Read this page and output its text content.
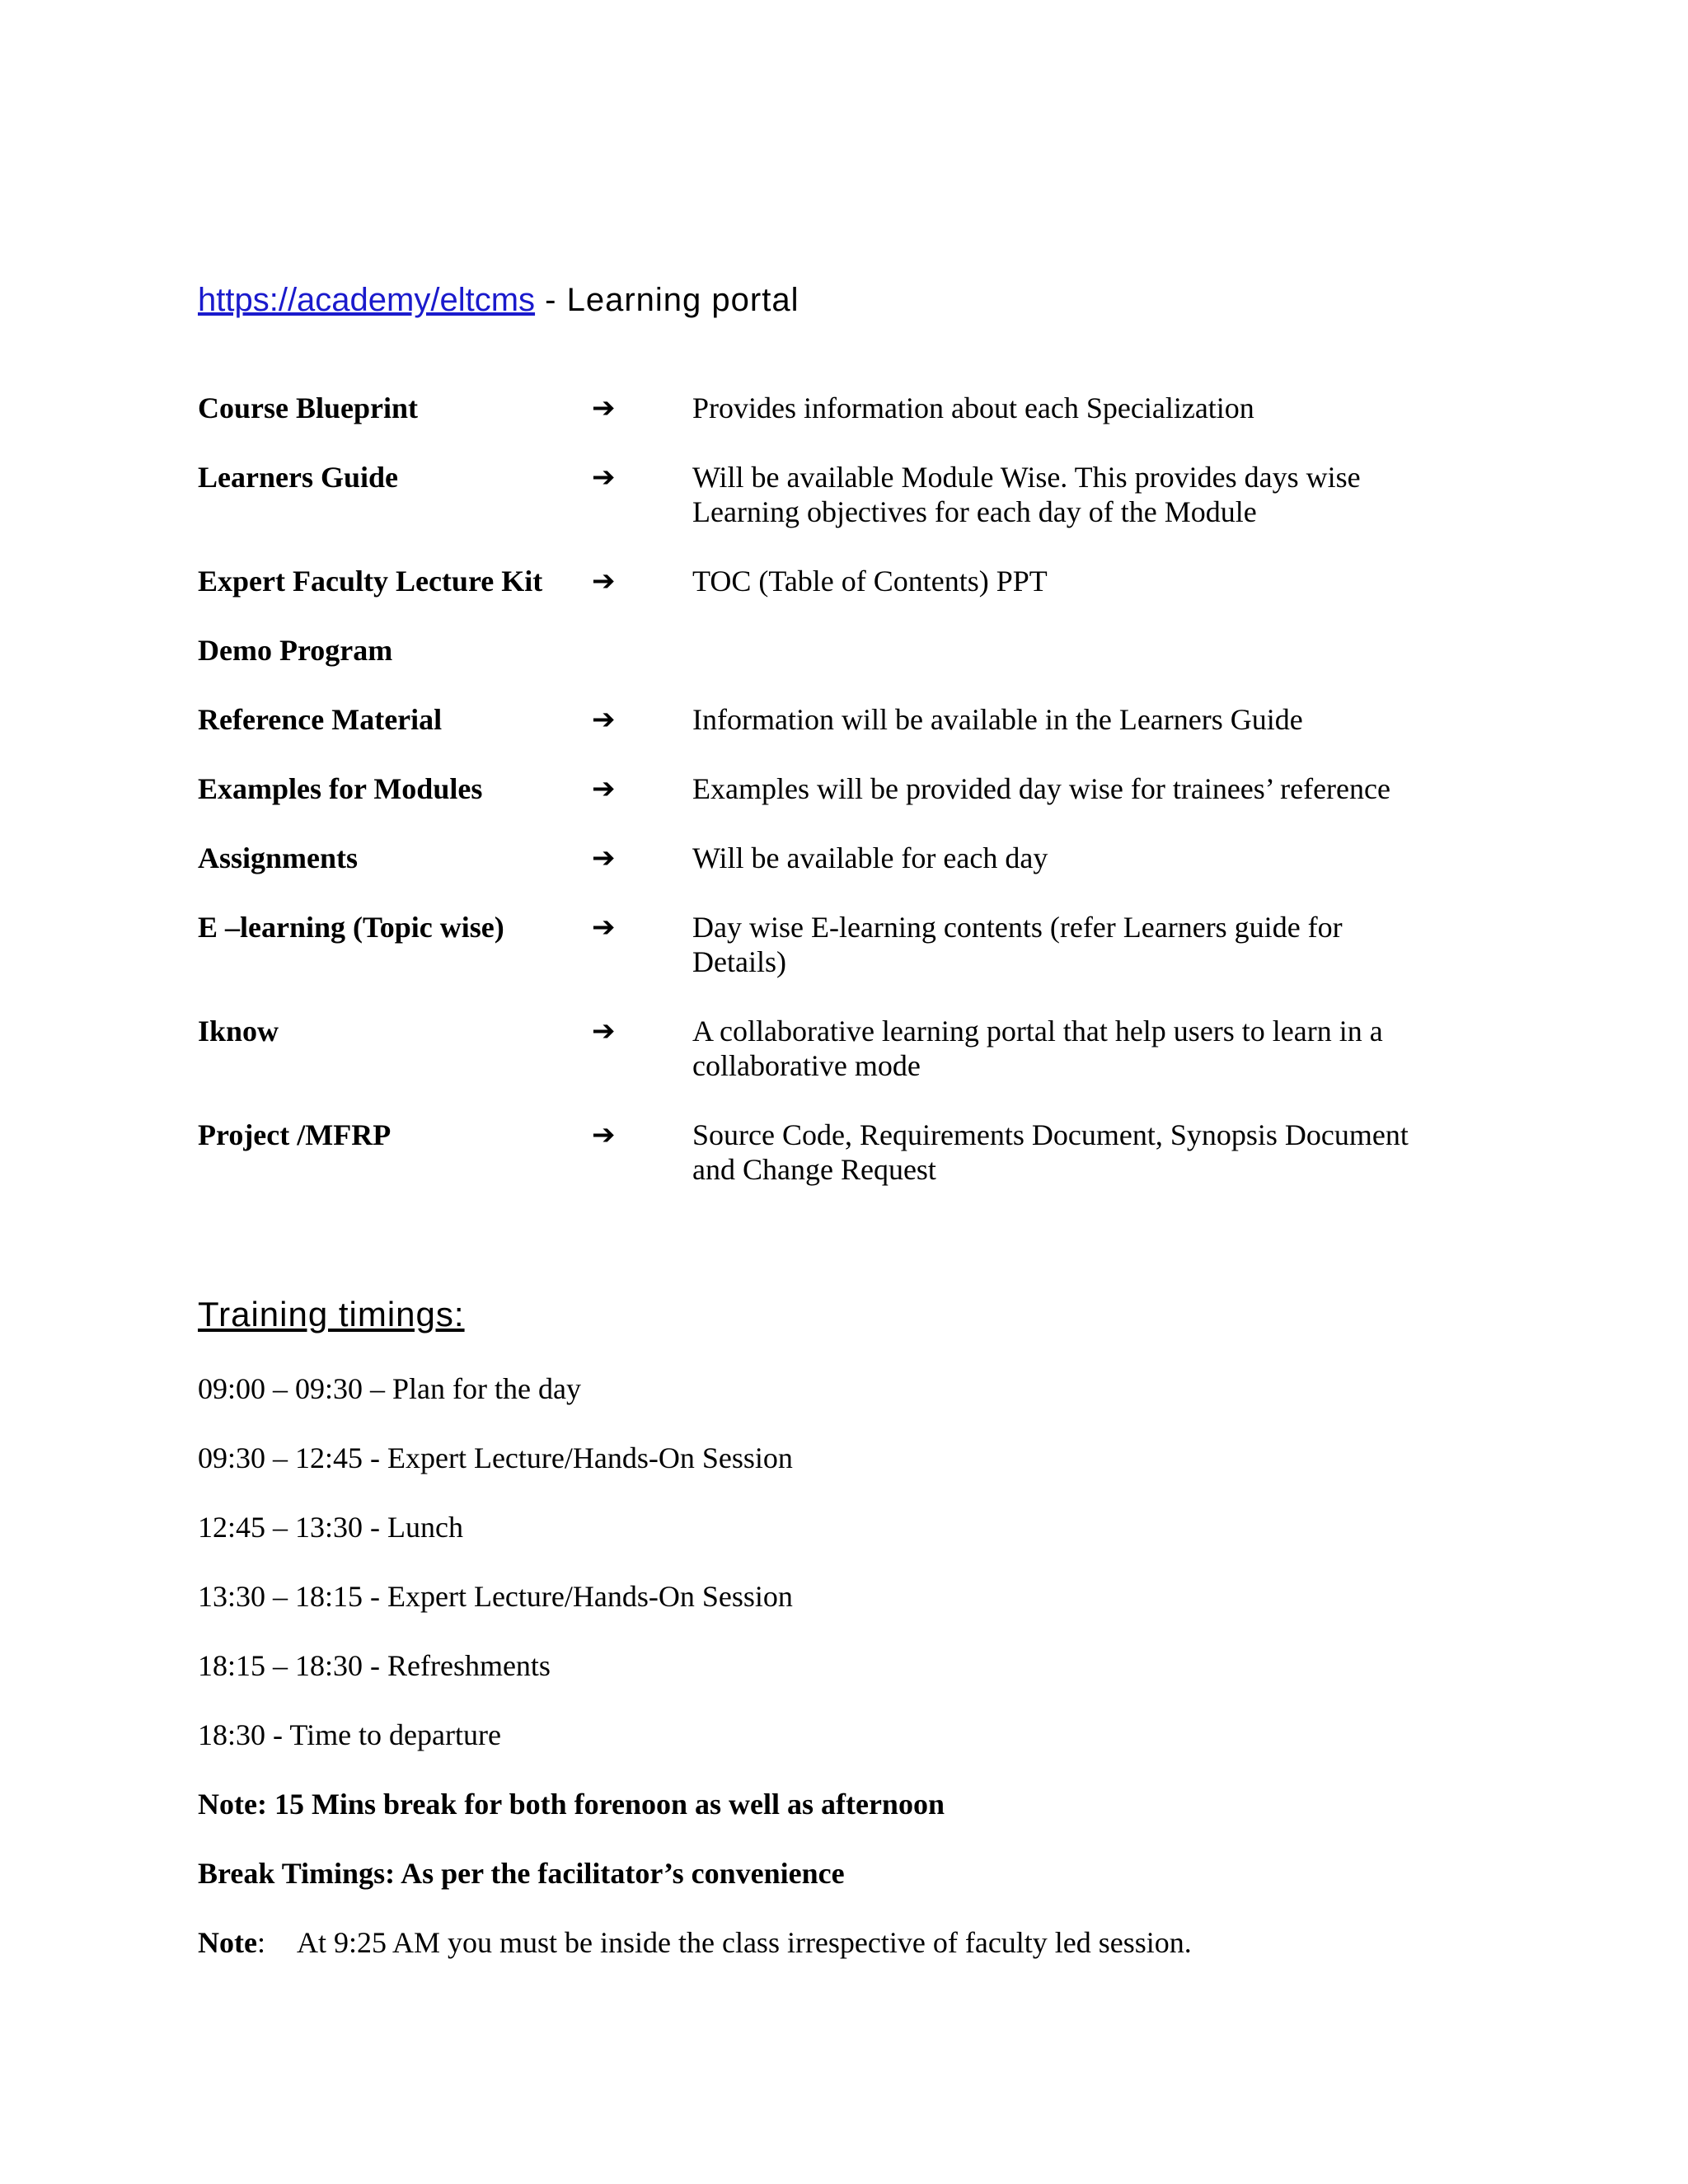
https://academy/eltcms - Learning portal
Course Blueprint	➔	Provides information about each Specialization
Learners Guide	➔	Will be available Module Wise. This provides days wise Learning objectives for each day of the Module
Expert Faculty Lecture Kit	➔	TOC (Table of Contents) PPT
Demo Program
Reference Material	➔	Information will be available in the Learners Guide
Examples for Modules	➔	Examples will be provided day wise for trainees’ reference
Assignments	➔	Will be available for each day
E –learning (Topic wise)	➔	Day wise E-learning contents (refer Learners guide for Details)
Iknow	➔	A collaborative learning portal that help users to learn in a collaborative mode
Project /MFRP	➔	Source Code, Requirements Document, Synopsis Document and Change Request
Training timings:
09:00 – 09:30 – Plan for the day
09:30 – 12:45 - Expert Lecture/Hands-On Session
12:45 – 13:30 - Lunch
13:30 – 18:15 - Expert Lecture/Hands-On Session
18:15 – 18:30 - Refreshments
18:30 - Time to departure
Note: 15 Mins break for both forenoon as well as afternoon
Break Timings: As per the facilitator’s convenience
Note: At 9:25 AM you must be inside the class irrespective of faculty led session.
